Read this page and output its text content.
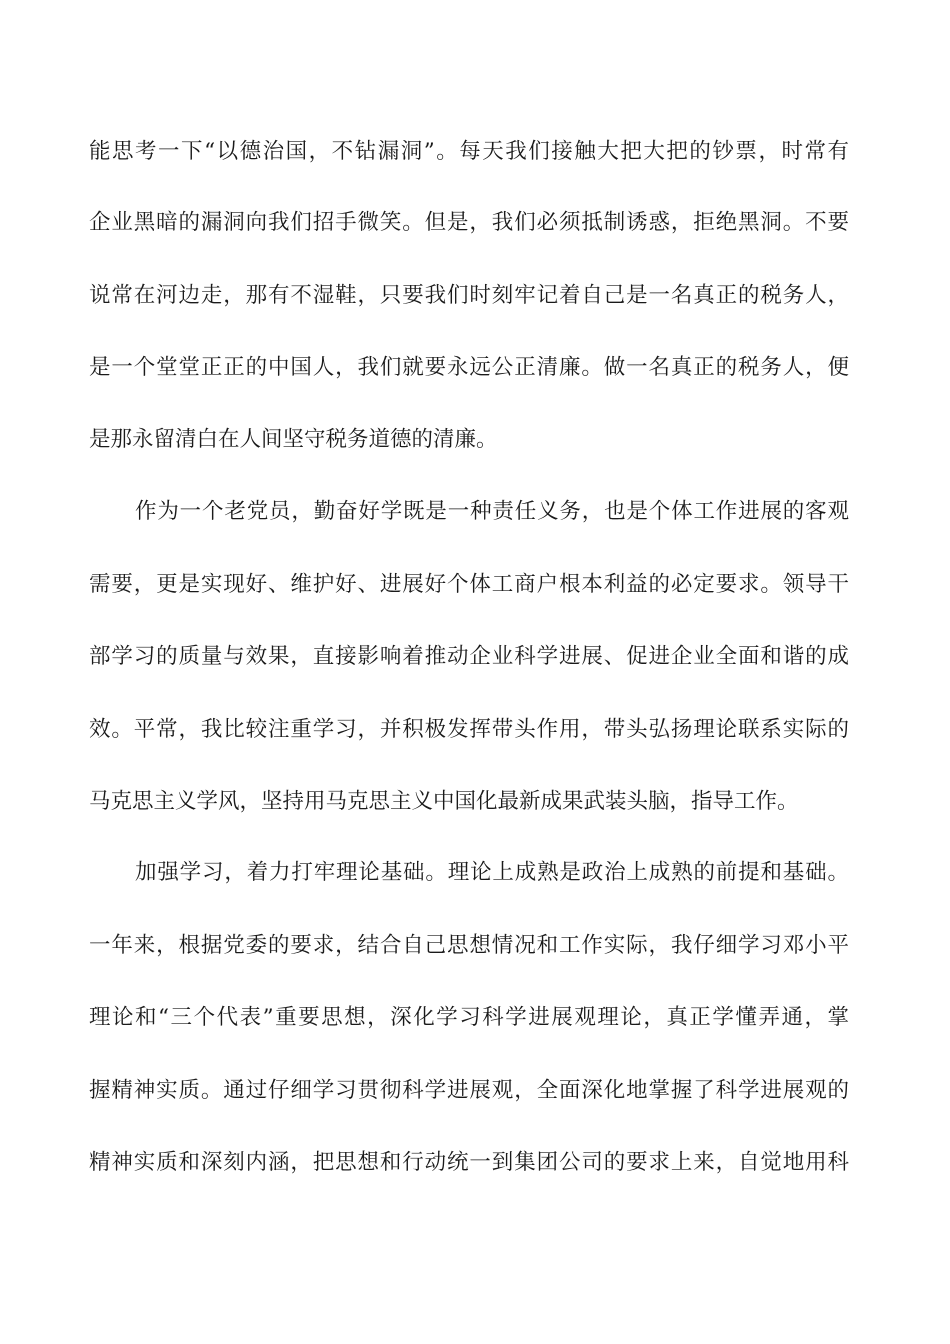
能思考一下“以德治国，不钻漏洞”。每天我们接触大把大把的钞票，时常有
企业黑暗的漏洞向我们招手微笑。但是，我们必须抵制诱惑，拒绝黑洞。不要
说常在河边走，那有不湿鞋，只要我们时刻牢记着自己是一名真正的税务人，
是一个堂堂正正的中国人，我们就要永远公正清廉。做一名真正的税务人，便
是那永留清白在人间坚守税务道德的清廉。
作为一个老党员，勤奋好学既是一种责任义务，也是个体工作进展的客观
需要，更是实现好、维护好、进展好个体工商户根本利益的必定要求。领导干
部学习的质量与效果，直接影响着推动企业科学进展、促进企业全面和谐的成
效。平常，我比较注重学习，并积极发挥带头作用，带头弘扬理论联系实际的
马克思主义学风，坚持用马克思主义中国化最新成果武装头脑，指导工作。
加强学习，着力打牢理论基础。理论上成熟是政治上成熟的前提和基础。
一年来，根据党委的要求，结合自己思想情况和工作实际，我仔细学习邓小平
理论和“三个代表”重要思想，深化学习科学进展观理论，真正学懂弄通，掌
握精神实质。通过仔细学习贯彻科学进展观，全面深化地掌握了科学进展观的
精神实质和深刻内涵，把思想和行动统一到集团公司的要求上来，自觉地用科
